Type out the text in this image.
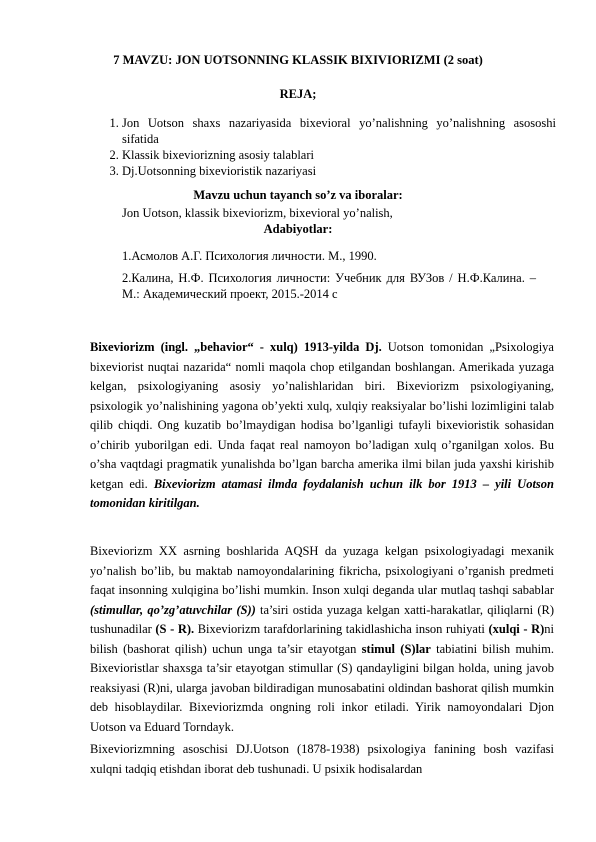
7 MAVZU: JON UOTSONNING KLASSIK BIXIVIORIZMI (2 soat)
REJA;
1. Jon Uotson shaxs nazariyasida bixevioral yo’nalishning yo’nalishning asososhi sifatida
2. Klassik bixeviorizning asosiy talablari
3. Dj.Uotsonning bixevioristik nazariyasi
Mavzu uchun tayanch so’z va iboralar:
Jon Uotson, klassik bixeviorizm, bixevioral yo’nalish,
Adabiyotlar:
1.Асмолов А.Г. Психология личности. М., 1990.
2.Калина, Н.Ф. Психология личности: Учебник для ВУЗов / Н.Ф.Калина. –М.: Академический проект, 2015.-2014 с

Bixeviorizm (ingl. „behavior“ - xulq) 1913-yilda Dj. Uotson tomonidan „Psixologiya bixeviorist nuqtai nazarida“ nomli maqola chop etilgandan boshlangan. Amerikada yuzaga kelgan, psixologiyaning asosiy yo’nalishlaridan biri. Bixeviorizm psixologiyaning, psixologik yo’nalishining yagona ob’yekti xulq, xulqiy reaksiyalar bo’lishi lozimligini talab qilib chiqdi. Ong kuzatib bo’lmaydigan hodisa bo’lganligi tufayli bixevioristik sohasidan o’chirib yuborilgan edi. Unda faqat real namoyon bo’ladigan xulq o’rganilgan xolos. Bu o’sha vaqtdagi pragmatik yunalishda bo’lgan barcha amerika ilmi bilan juda yaxshi kirishib ketgan edi. Bixeviorizm atamasi ilmda foydalanish uchun ilk bor 1913 – yili Uotson tomonidan kiritilgan.

Bixeviorizm XX asrning boshlarida AQSH da yuzaga kelgan psixologiyadagi mexanik yo’nalish bo’lib, bu maktab namoyondalarining fikricha, psixologiyani o’rganish predmeti faqat insonning xulqigina bo’lishi mumkin. Inson xulqi deganda ular mutlaq tashqi sabablar (stimullar, qo’zg’atuvchilar (S)) ta’siri ostida yuzaga kelgan xatti-harakatlar, qiliqlarni (R) tushunadilar (S - R). Bixeviorizm tarafdorlarining takidlashicha inson ruhiyati (xulqi - R)ni bilish (bashorat qilish) uchun unga ta’sir etayotgan stimul (S)lar tabiatini bilish muhim. Bixevioristlar shaxsga ta’sir etayotgan stimullar (S) qandayligini bilgan holda, uning javob reaksiyasi (R)ni, ularga javoban bildiradigan munosabatini oldindan bashorat qilish mumkin deb hisoblaydilar. Bixeviorizmda ongning roli inkor etiladi. Yirik namoyondalari Djon Uotson va Eduard Torndayk.

Bixeviorizmning asoschisi DJ.Uotson (1878-1938) psixologiya fanining bosh vazifasi xulqni tadqiq etishdan iborat deb tushunadi. U psixik hodisalardan
